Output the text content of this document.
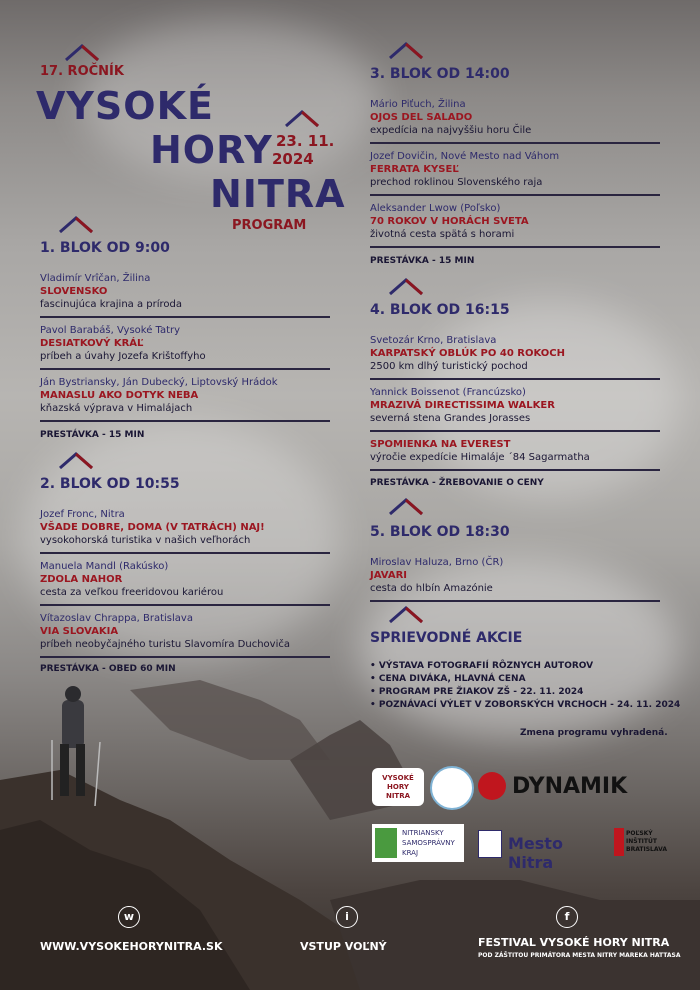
17. ROČNÍK
VYSOKÉ
HORY
NITRA
23. 11.
2024
PROGRAM
1. BLOK OD 9:00
Vladimír Vrîčan, Žilina
SLOVENSKO
fascinujúca krajina a príroda
Pavol Barabáš, Vysoké Tatry
DESIATKOVÝ KRÁĽ
príbeh a úvahy Jozefa Krištoffyho
Ján Bystriansky, Ján Dubecký, Liptovský Hrádok
MANASLU AKO DOTYK NEBA
kňazská výprava v Himalájach
PRESTÁVKA - 15 MIN
2. BLOK OD 10:55
Jozef Fronc, Nitra
VŠADE DOBRE, DOMA (V TATRÁCH) NAJ!
vysokohorská turistika v našich veľhorách
Manuela Mandl (Rakúsko)
ZDOLA NAHOR
cesta za veľkou freeridovou kariérou
Vítazoslav Chrappa, Bratislava
VIA SLOVAKIA
príbeh neobyčajného turistu Slavomíra Duchoviča
PRESTÁVKA - OBED 60 MIN
3. BLOK OD 14:00
Mário Piťuch, Žilina
OJOS DEL SALADO
expedícia na najvyššiu horu Čile
Jozef Dovičin, Nové Mesto nad Váhom
FERRATA KYSEĽ
prechod roklinou Slovenského raja
Aleksander Lwow (Poľsko)
70 ROKOV V HORÁCH SVETA
životná cesta spätá s horami
PRESTÁVKA - 15 MIN
4. BLOK OD 16:15
Svetozár Krno, Bratislava
KARPATSKÝ OBLÚK PO 40 ROKOCH
2500 km dlhý turistický pochod
Yannick Boissenot (Francúzsko)
MRAZIVÁ DIRECTISSIMA WALKER
severná stena Grandes Jorasses
SPOMIENKA NA EVEREST
výročie expedície Himaláje ´84 Sagarmatha
PRESTÁVKA - ŽREBOVANIE O CENY
5. BLOK OD 18:30
Miroslav Haluza, Brno (ČR)
JAVARI
cesta do hlbín Amazónie
SPRIEVODNÉ AKCIE
• VÝSTAVA FOTOGRAFIÍ RÔZNYCH AUTOROV
• CENA DIVÁKA, HLAVNÁ CENA
• PROGRAM PRE ŽIAKOV ZŠ - 22. 11. 2024
• POZNÁVACÍ VÝLET V ZOBORSKÝCH VRCHOCH - 24. 11. 2024
Zmena programu vyhradená.
VYSOKÉ
HORY
NITRA	DYNAMIK
NITRIANSKY
SAMOSPRÁVNY
KRAJ	Mesto Nitra
POĽSKÝ
INŠTITÚT
BRATISLAVA
w	i	f
WWW.VYSOKEHORYNITRA.SK	VSTUP VOĽNÝ	FESTIVAL VYSOKÉ HORY NITRA
POD ZÁŠTITOU PRIMÁTORA MESTA NITRY MAREKA HATTASA
